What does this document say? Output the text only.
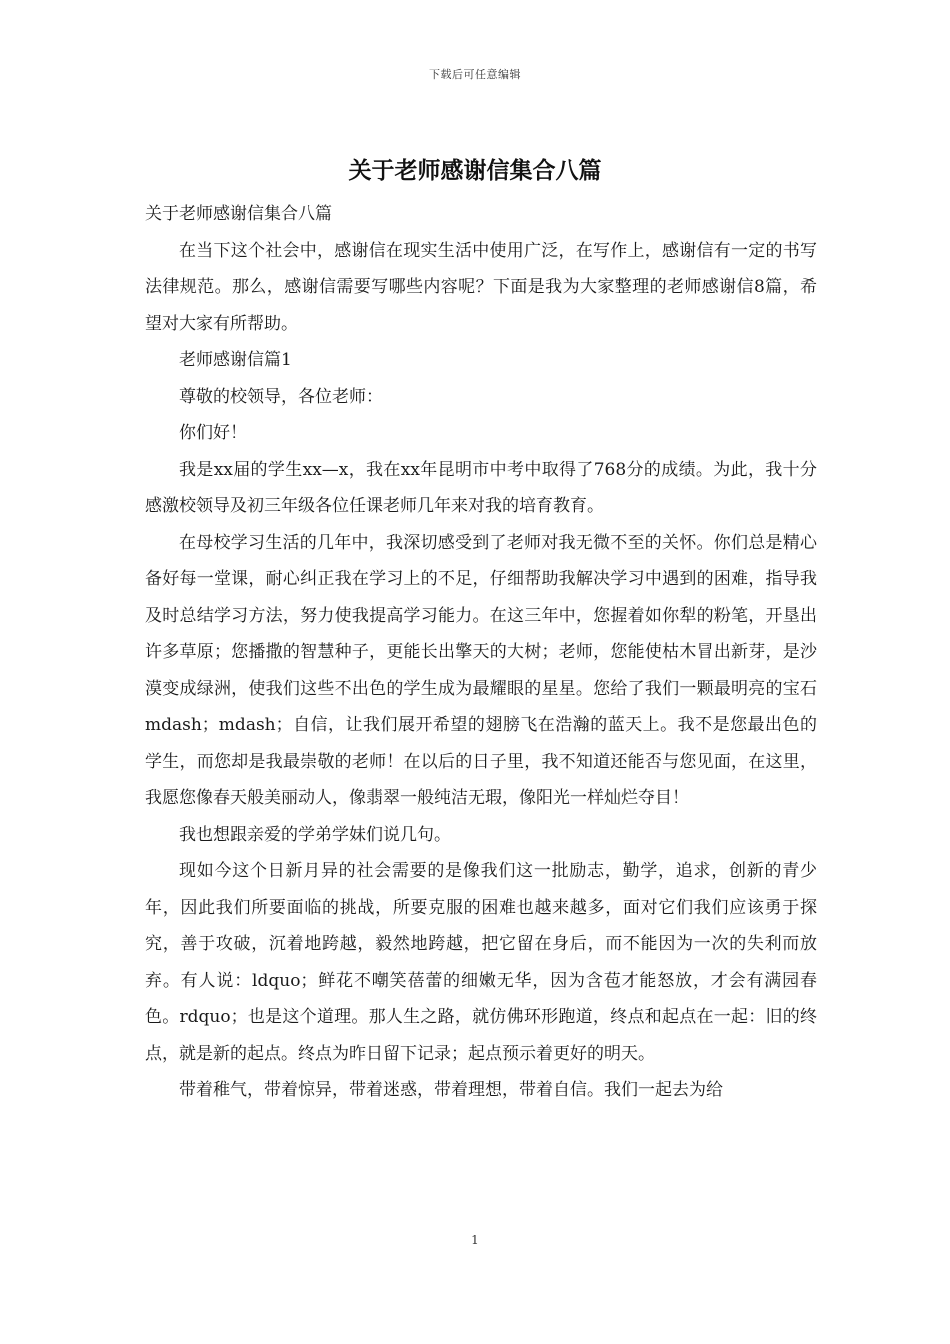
下载后可任意编辑
关于老师感谢信集合八篇

关于老师感谢信集合八篇

在当下这个社会中，感谢信在现实生活中使用广泛，在写作上，感谢信有一定的书写法律规范。那么，感谢信需要写哪些内容呢？下面是我为大家整理的老师感谢信8篇，希望对大家有所帮助。

老师感谢信篇1

尊敬的校领导，各位老师：

你们好！

我是xx届的学生xx—x，我在xx年昆明市中考中取得了768分的成绩。为此，我十分感激校领导及初三年级各位任课老师几年来对我的培育教育。

在母校学习生活的几年中，我深切感受到了老师对我无微不至的关怀。你们总是精心备好每一堂课，耐心纠正我在学习上的不足，仔细帮助我解决学习中遇到的困难，指导我及时总结学习方法，努力使我提高学习能力。在这三年中，您握着如你犁的粉笔，开垦出许多草原；您播撒的智慧种子，更能长出擎天的大树；老师，您能使枯木冒出新芽，是沙漠变成绿洲，使我们这些不出色的学生成为最耀眼的星星。您给了我们一颗最明亮的宝石mdash；mdash；自信，让我们展开希望的翅膀飞在浩瀚的蓝天上。我不是您最出色的学生，而您却是我最崇敬的老师！在以后的日子里，我不知道还能否与您见面，在这里，我愿您像春天般美丽动人，像翡翠一般纯洁无瑕，像阳光一样灿烂夺目！

我也想跟亲爱的学弟学妹们说几句。

现如今这个日新月异的社会需要的是像我们这一批励志，勤学，追求，创新的青少年，因此我们所要面临的挑战，所要克服的困难也越来越多，面对它们我们应该勇于探究，善于攻破，沉着地跨越，毅然地跨越，把它留在身后，而不能因为一次的失利而放弃。有人说：ldquo；鲜花不嘲笑蓓蕾的细嫩无华，因为含苞才能怒放，才会有满园春色。rdquo；也是这个道理。那人生之路，就仿佛环形跑道，终点和起点在一起：旧的终点，就是新的起点。终点为昨日留下记录；起点预示着更好的明天。

带着稚气，带着惊异，带着迷惑，带着理想，带着自信。我们一起去为给

1
